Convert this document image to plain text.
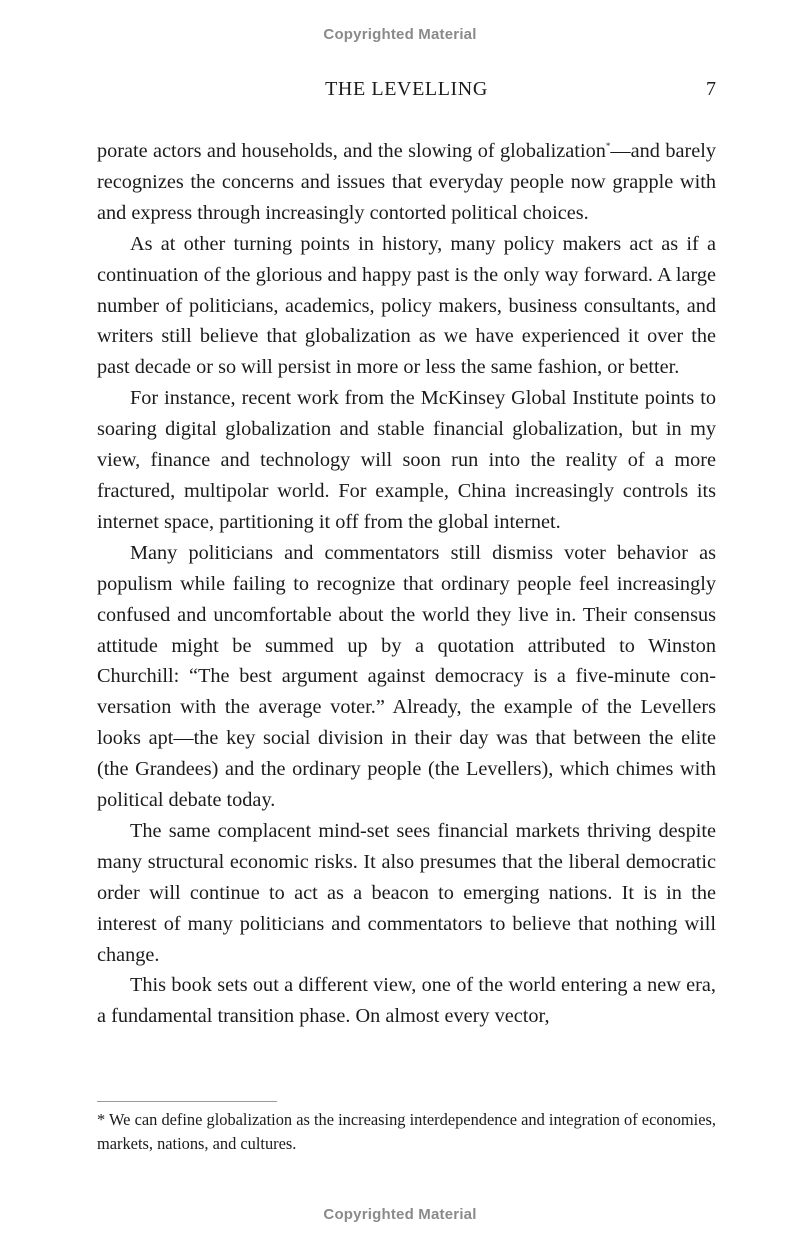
Copyrighted Material
THE LEVELLING	7

porate actors and households, and the slowing of globalization*—and barely recognizes the concerns and issues that everyday people now grapple with and express through increasingly contorted political choices.

As at other turning points in history, many policy makers act as if a continuation of the glorious and happy past is the only way forward. A large number of politicians, academics, policy makers, business consultants, and writers still believe that globalization as we have experienced it over the past decade or so will persist in more or less the same fashion, or better.

For instance, recent work from the McKinsey Global Institute points to soaring digital globalization and stable financial globalization, but in my view, finance and technology will soon run into the reality of a more fractured, multipolar world. For example, China increasingly controls its internet space, partitioning it off from the global internet.

Many politicians and commentators still dismiss voter behavior as populism while failing to recognize that ordinary people feel increasingly confused and uncomfortable about the world they live in. Their consensus attitude might be summed up by a quotation attributed to Winston Churchill: “The best argument against democracy is a five-minute conversation with the average voter.” Already, the example of the Levellers looks apt—the key social division in their day was that between the elite (the Grandees) and the ordinary people (the Levellers), which chimes with political debate today.

The same complacent mind-set sees financial markets thriving despite many structural economic risks. It also presumes that the liberal democratic order will continue to act as a beacon to emerging nations. It is in the interest of many politicians and commentators to believe that nothing will change.

This book sets out a different view, one of the world entering a new era, a fundamental transition phase. On almost every vector,

* We can define globalization as the increasing interdependence and integration of economies, markets, nations, and cultures.
Copyrighted Material
